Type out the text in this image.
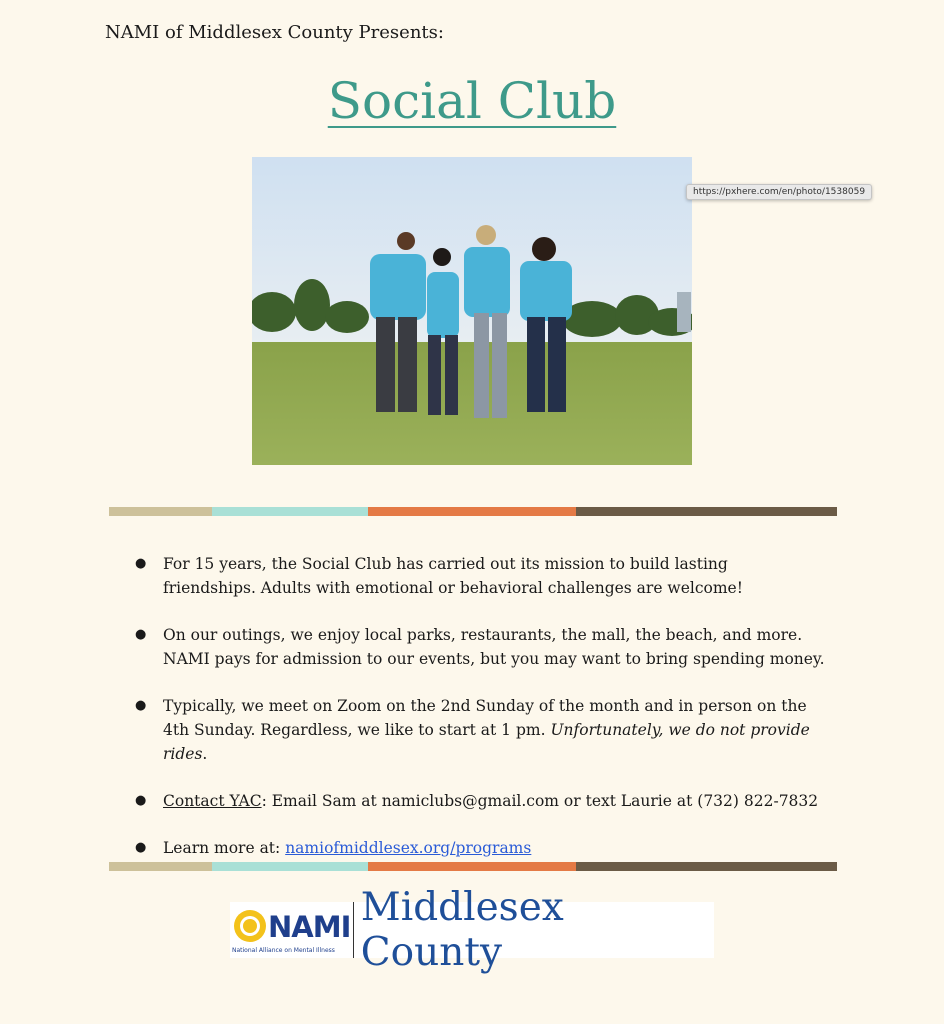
NAMI of Middlesex County Presents:
Social Club
https://pxhere.com/en/photo/1538059
● For 15 years, the Social Club has carried out its mission to build lasting friendships. Adults with emotional or behavioral challenges are welcome!
● On our outings, we enjoy local parks, restaurants, the mall, the beach, and more. NAMI pays for admission to our events, but you may want to bring spending money.
● Typically, we meet on Zoom on the 2nd Sunday of the month and in person on the 4th Sunday. Regardless, we like to start at 1 pm. Unfortunately, we do not provide rides.
● Contact YAC: Email Sam at namiclubs@gmail.com or text Laurie at (732) 822-7832
● Learn more at: namiofmiddlesex.org/programs
NAMI
National Alliance on Mental Illness
Middlesex County
